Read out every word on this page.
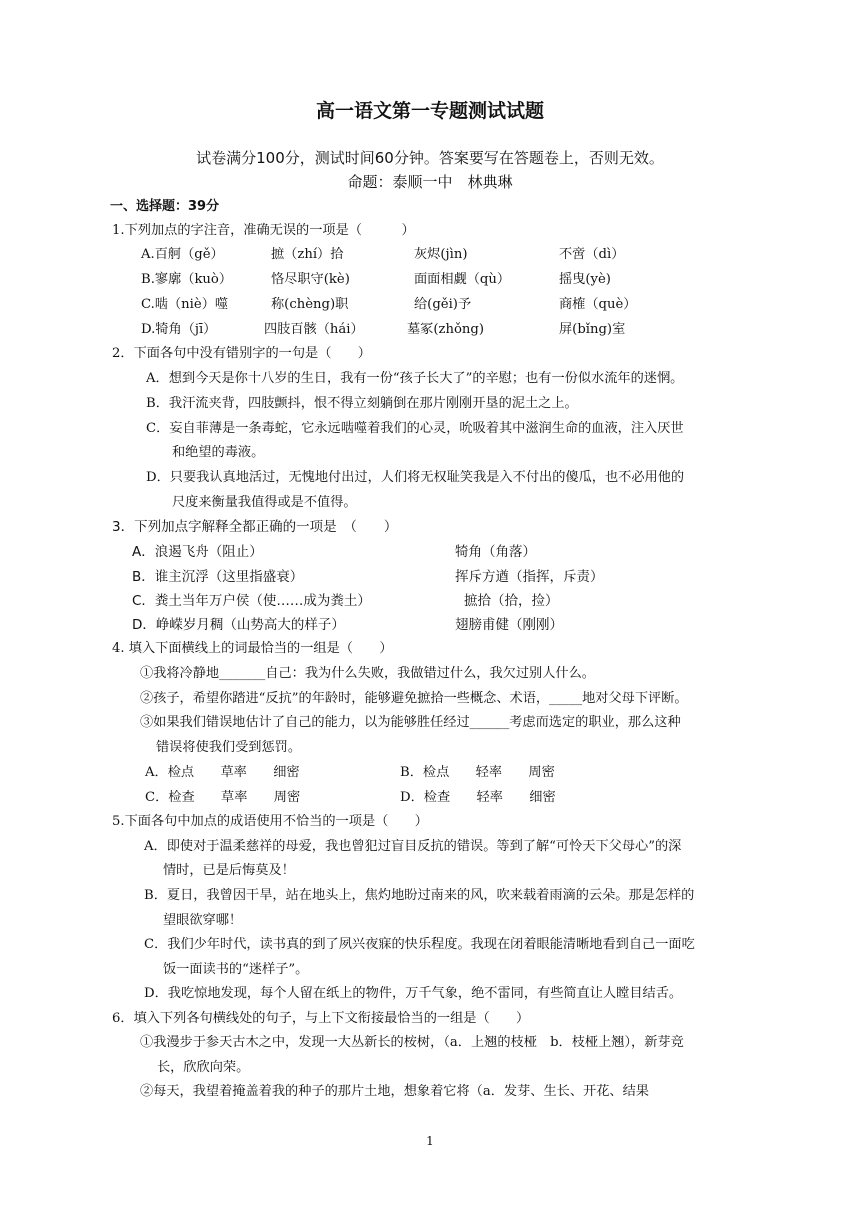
高一语文第一专题测试试题
试卷满分100分，测试时间60分钟。答案要写在答题卷上，否则无效。
命题：泰顺一中　林典琳
一、选择题：39分
1.下列加点的字注音，准确无误的一项是（　　　）
A.百舸（gě）	摭（zhí）拾	灰烬(jìn)	不啻（dì）
B.寥廓（kuò）	恪尽职守(kè)	面面相觑（qù）	摇曳(yè)
C.啮（niè）噬	称(chèng)职	给(gěi)予	商榷（què）
D.犄角（jī）	四肢百骸（hái）	墓冢(zhǒng)	屏(bǐng)室
2．下面各句中没有错别字的一句是（　　）
A．想到今天是你十八岁的生日，我有一份“孩子长大了”的辛慰；也有一份似水流年的迷惘。
B．我汗流夹背，四肢颤抖，恨不得立刻躺倒在那片刚刚开垦的泥土之上。
C．妄自菲薄是一条毒蛇，它永远啮噬着我们的心灵，吮吸着其中滋润生命的血液，注入厌世
和绝望的毒液。
D．只要我认真地活过，无愧地付出过，人们将无权耻笑我是入不付出的傻瓜，也不必用他的
尺度来衡量我值得或是不值得。
3．下列加点字解释全都正确的一项是　（　　）
A．浪遏飞舟（阻止）	犄角（角落）
B．谁主沉浮（这里指盛衰）	挥斥方遒（指挥，斥责）
C．粪土当年万户侯（使……成为粪土）	摭拾（拾，捡）
D．峥嵘岁月稠（山势高大的样子）	翅膀甫健（刚刚）
4. 填入下面横线上的词最恰当的一组是（　　）
①我将冷静地_______自己：我为什么失败，我做错过什么，我欠过别人什么。
②孩子，希望你踏进“反抗”的年龄时，能够避免摭拾一些概念、术语，_____地对父母下评断。
③如果我们错误地估计了自己的能力，以为能够胜任经过______考虑而选定的职业，那么这种
错误将使我们受到惩罚。
A．检点　　草率　　细密	B．检点　　轻率　　周密
C．检查　　草率　　周密	D．检查　　轻率　　细密
5.下面各句中加点的成语使用不恰当的一项是（　　）
A．即使对于温柔慈祥的母爱，我也曾犯过盲目反抗的错误。等到了解“可怜天下父母心”的深
情时，已是后悔莫及！
B．夏日，我曾因干旱，站在地头上，焦灼地盼过南来的风，吹来载着雨滴的云朵。那是怎样的
望眼欲穿哪！
C．我们少年时代，读书真的到了夙兴夜寐的快乐程度。我现在闭着眼能清晰地看到自己一面吃
饭一面读书的“迷样子”。
D．我吃惊地发现，每个人留在纸上的物件，万千气象，绝不雷同，有些简直让人瞠目结舌。
6．填入下列各句横线处的句子，与上下文衔接最恰当的一组是（　　）
①我漫步于参天古木之中，发现一大丛新长的桉树，（a．上翘的枝桠　b．枝桠上翘），新芽竞
长，欣欣向荣。
②每天，我望着掩盖着我的种子的那片土地，想象着它将（a．发芽、生长、开花、结果
1
